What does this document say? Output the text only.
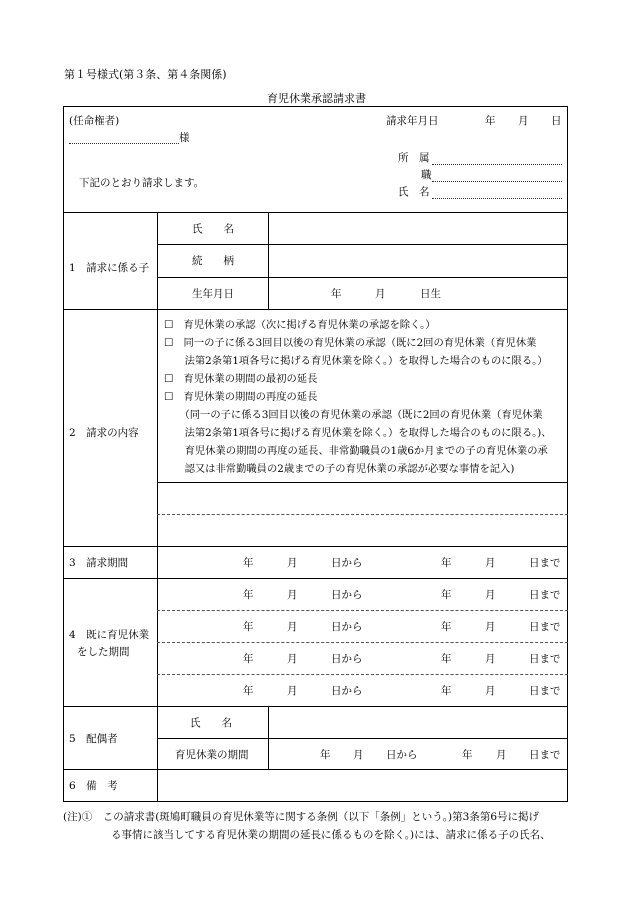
第１号様式(第３条、第４条関係)
育児休業承認請求書
(任命権者)
様
請求年月日	年 月 日
所　属
職
氏　名
下記のとおり請求します。
1　請求に係る子
氏　　名
続　　柄
生年月日	年	月	日生
2　請求の内容
☐　育児休業の承認（次に掲げる育児休業の承認を除く。）
☐　同一の子に係る3回目以後の育児休業の承認（既に2回の育児休業（育児休業
　　法第2条第1項各号に掲げる育児休業を除く。）を取得した場合のものに限る。）
☐　育児休業の期間の最初の延長
☐　育児休業の期間の再度の延長
　　（同一の子に係る3回目以後の育児休業の承認（既に2回の育児休業（育児休業
　　法第2条第1項各号に掲げる育児休業を除く。）を取得した場合のものに限る。)、
　　育児休業の期間の再度の延長、非常勤職員の1歳6か月までの子の育児休業の承
　　認又は非常勤職員の2歳までの子の育児休業の承認が必要な事情を記入)
3　請求期間	年	月	日から	年	月	日まで
4　既に育児休業
をした期間
年	月	日から	年	月	日まで
年	月	日から	年	月	日まで
年	月	日から	年	月	日まで
年	月	日から	年	月	日まで
5　配偶者
氏　　名
育児休業の期間	年 月 日から	年 月 日まで
6　備　考
(注)①　この請求書(斑鳩町職員の育児休業等に関する条例（以下「条例」という。)第3条第6号に掲げ
る事情に該当してする育児休業の期間の延長に係るものを除く。)には、請求に係る子の氏名、
